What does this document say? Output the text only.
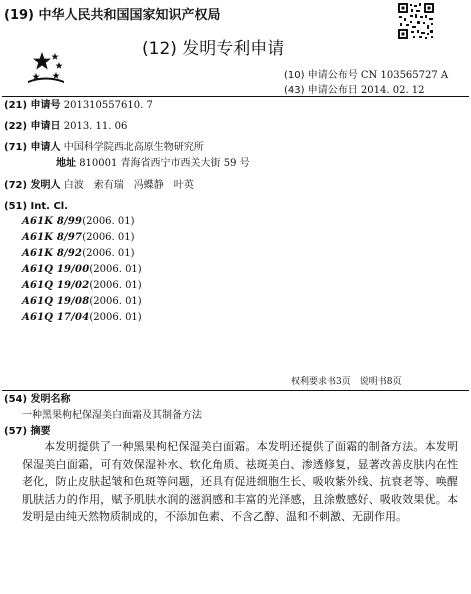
(19) 中华人民共和国国家知识产权局
(12) 发明专利申请
(10) 申请公布号 CN 103565727 A
(43) 申请公布日 2014. 02. 12
(21) 申请号 201310557610. 7
(22) 申请日 2013. 11. 06
(71) 申请人 中国科学院西北高原生物研究所
地址 810001 青海省西宁市西关大街 59 号
(72) 发明人 白波 索有瑞 冯蝶静 叶英
(51) Int. Cl.
A61K 8/99(2006. 01)
A61K 8/97(2006. 01)
A61K 8/92(2006. 01)
A61Q 19/00(2006. 01)
A61Q 19/02(2006. 01)
A61Q 19/08(2006. 01)
A61Q 17/04(2006. 01)
权利要求书3页　说明书8页
(54) 发明名称
一种黑果枸杞保湿美白面霜及其制备方法
(57) 摘要

本发明提供了一种黑果枸杞保湿美白面霜。本发明还提供了面霜的制备方法。本发明保湿美白面霜，可有效保湿补水、软化角质、祛斑美白、渗透修复，显著改善皮肤内在性老化，防止皮肤起皱和色斑等问题，还具有促进细胞生长、吸收紫外线、抗衰老等、唤醒肌肤活力的作用，赋予肌肤水润的滋润感和丰富的光泽感，且涂敷感好、吸收效果优。本发明是由纯天然物质制成的，不添加色素、不含乙醇、温和不刺激、无副作用。
